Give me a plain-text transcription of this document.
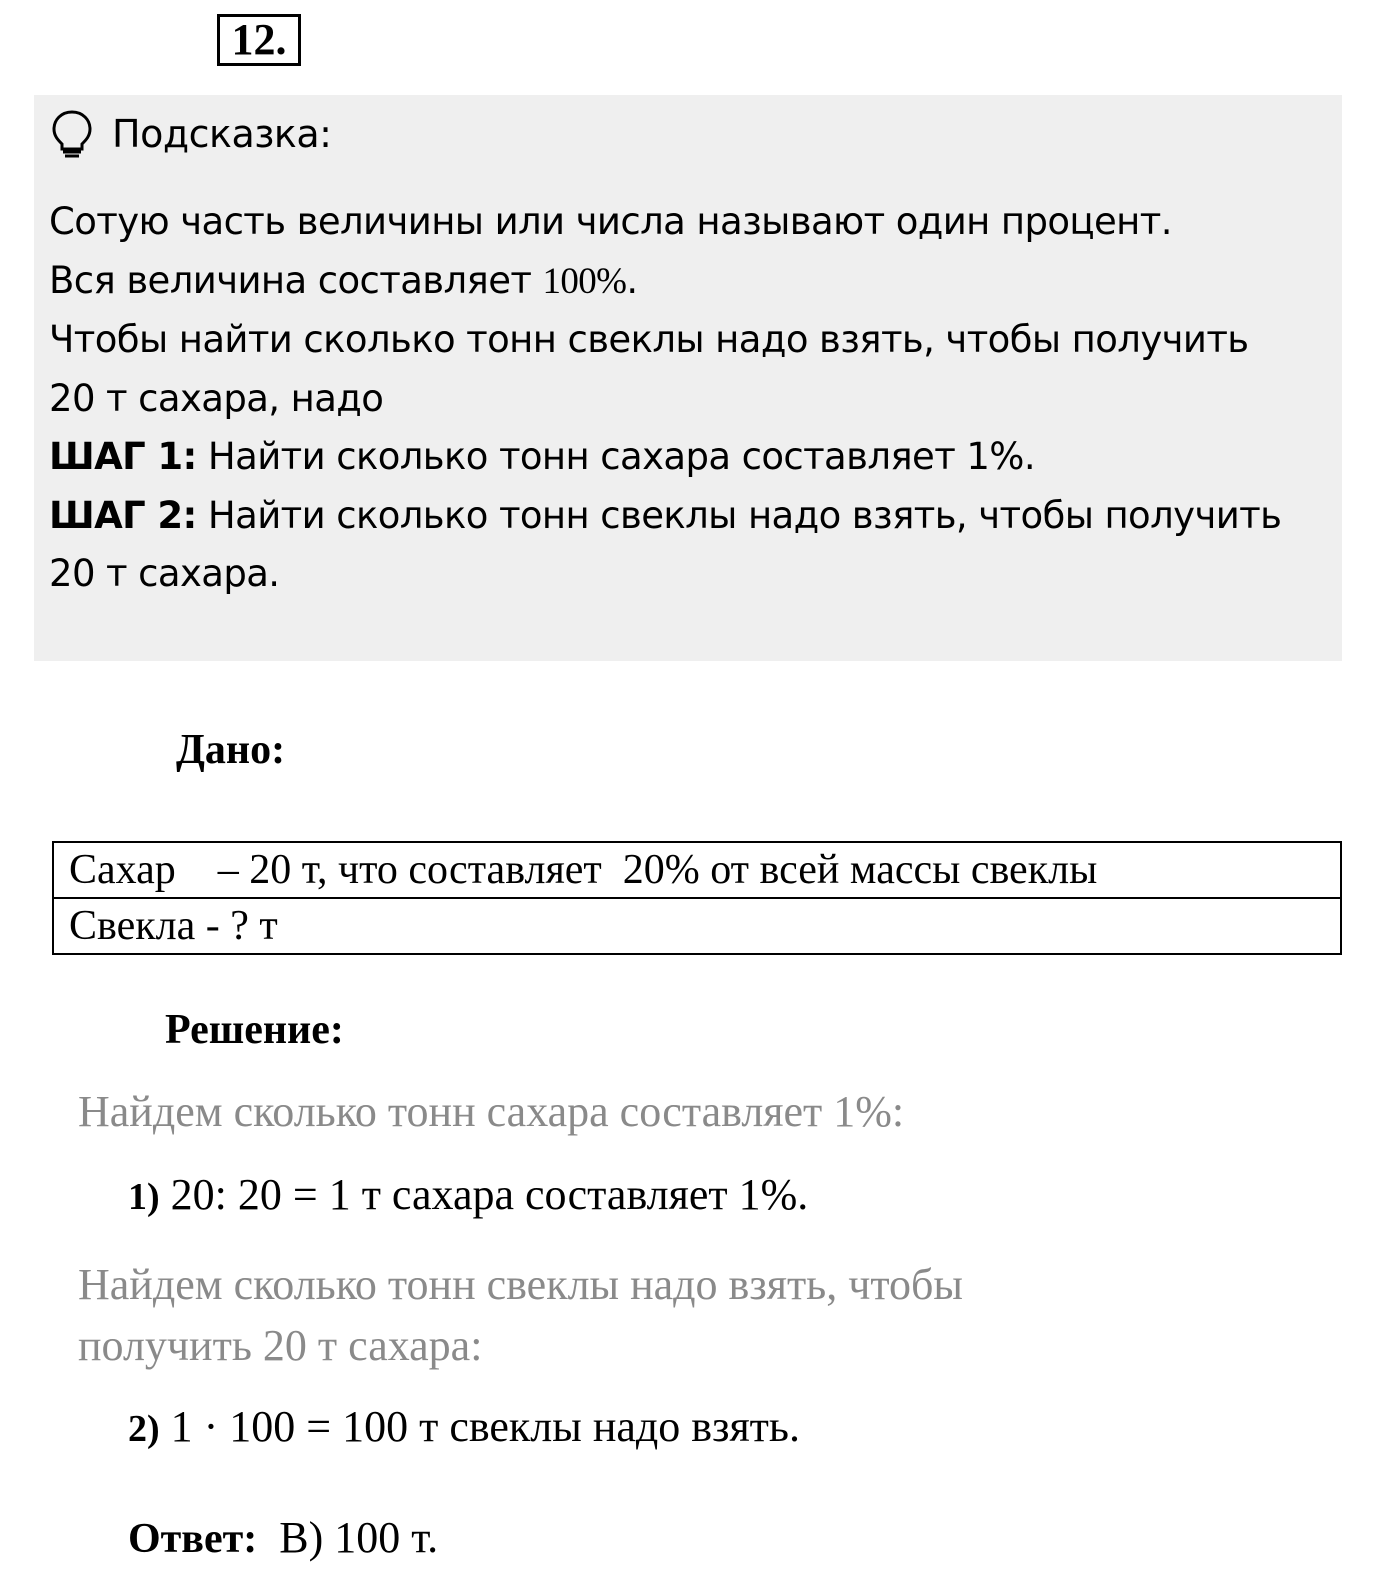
12.
Подсказка:

Сотую часть величины или числа называют один процент.

Вся величина составляет 100%.

Чтобы найти сколько тонн свеклы надо взять, чтобы получить

20 т сахара, надо

ШАГ 1: Найти сколько тонн сахара составляет 1%.

ШАГ 2: Найти сколько тонн свеклы надо взять, чтобы получить

20 т сахара.

Дано:
Сахар    – 20 т, что составляет  20% от всей массы свеклы
Свекла - ? т
Решение:
Найдем сколько тонн сахара составляет 1%:
1) 20: 20 = 1 т сахара составляет 1%.
Найдем сколько тонн свеклы надо взять, чтобы
получить 20 т сахара:
2) 1 · 100 = 100 т свеклы надо взять.
Ответ:  В) 100 т.
